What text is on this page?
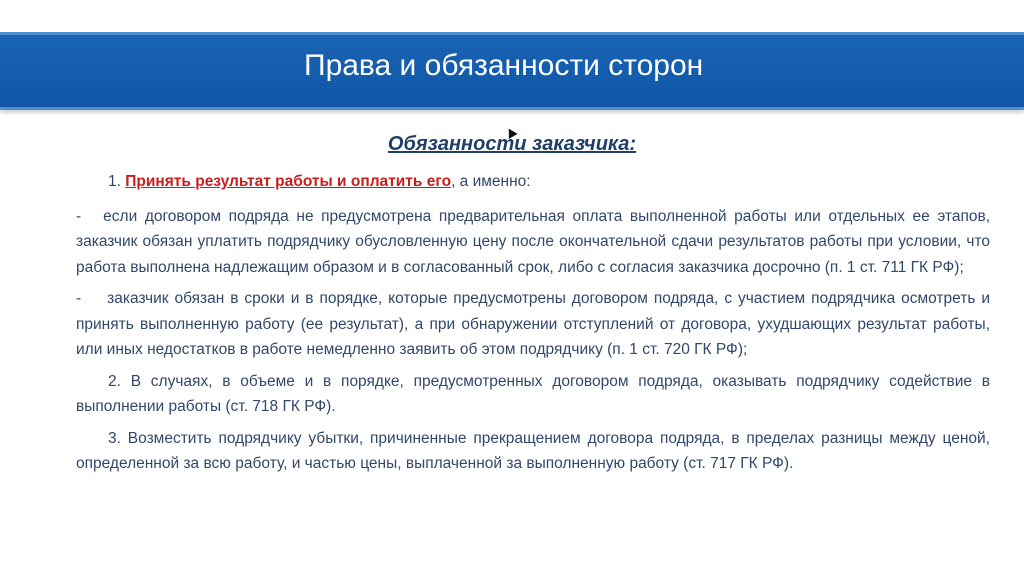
Права и обязанности сторон
Обязанности заказчика:

1. Принять результат работы и оплатить его, а именно:

- если договором подряда не предусмотрена предварительная оплата выполненной работы или отдельных ее этапов, заказчик обязан уплатить подрядчику обусловленную цену после окончательной сдачи результатов работы при условии, что работа выполнена надлежащим образом и в согласованный срок, либо с согласия заказчика досрочно (п. 1 ст. 711 ГК РФ);

- заказчик обязан в сроки и в порядке, которые предусмотрены договором подряда, с участием подрядчика осмотреть и принять выполненную работу (ее результат), а при обнаружении отступлений от договора, ухудшающих результат работы, или иных недостатков в работе немедленно заявить об этом подрядчику (п. 1 ст. 720 ГК РФ);

2. В случаях, в объеме и в порядке, предусмотренных договором подряда, оказывать подрядчику содействие в выполнении работы (ст. 718 ГК РФ).

3. Возместить подрядчику убытки, причиненные прекращением договора подряда, в пределах разницы между ценой, определенной за всю работу, и частью цены, выплаченной за выполненную работу (ст. 717 ГК РФ).
